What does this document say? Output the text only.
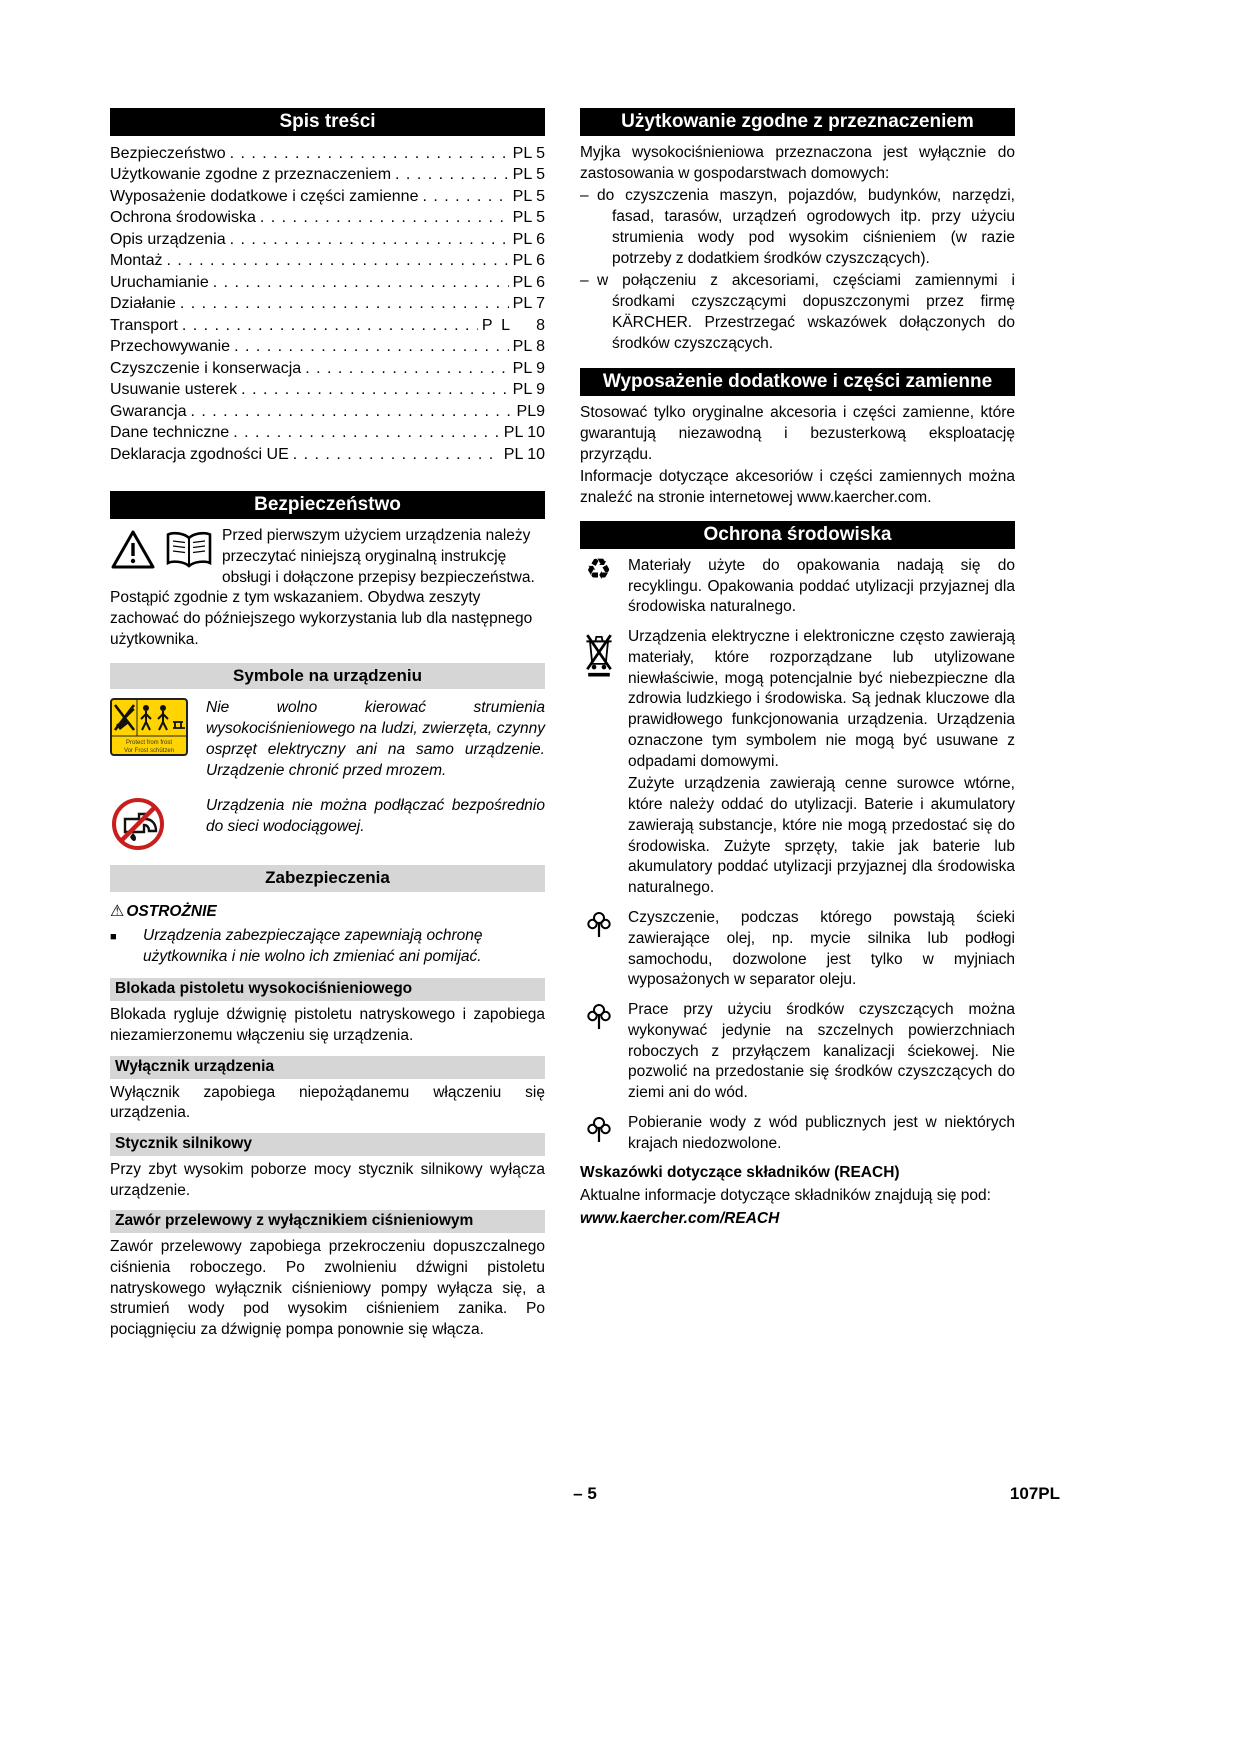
Spis treści
Bezpieczeństwo . . .	PL 5
Użytkowanie zgodne z przeznaczeniem . . .	PL 5
Wyposażenie dodatkowe i części zamienne . . .	PL 5
Ochrona środowiska . . .	PL 5
Opis urządzenia . . .	PL 6
Montaż . . .	PL 6
Uruchamianie . . .	PL 6
Działanie . . .	PL 7
Transport . . .	P  L      8
Przechowywanie . . .	PL 8
Czyszczenie i konserwacja . . .	PL 9
Usuwanie usterek . . .	PL 9
Gwarancja . . .	PL9
Dane techniczne . . .	PL 10
Deklaracja zgodności UE . . .	PL 10
Bezpieczeństwo
Przed pierwszym użyciem urządzenia należy przeczytać niniejszą oryginalną instrukcję obsługi i dołączone przepisy bezpieczeństwa. Postąpić zgodnie z tym wskazaniem. Obydwa zeszyty zachować do późniejszego wykorzystania lub dla następnego użytkownika.
Symbole na urządzeniu
Protect from frost
Vor Frost schützen

Nie wolno kierować strumienia wysokociśnieniowego na ludzi, zwierzęta, czynny osprzęt elektryczny ani na samo urządzenie. Urządzenie chronić przed mrozem.

Urządzenia nie można podłączać bezpośrednio do sieci wodociągowej.

Zabezpieczenia

⚠ OSTROŻNIE

■	Urządzenia zabezpieczające zapewniają ochronę użytkownika i nie wolno ich zmieniać ani pomijać.

Blokada pistoletu wysokociśnieniowego

Blokada rygluje dźwignię pistoletu natryskowego i zapobiega niezamierzonemu włączeniu się urządzenia.

Wyłącznik urządzenia

Wyłącznik zapobiega niepożądanemu włączeniu się urządzenia.

Stycznik silnikowy

Przy zbyt wysokim poborze mocy stycznik silnikowy wyłącza urządzenie.

Zawór przelewowy z wyłącznikiem ciśnieniowym

Zawór przelewowy zapobiega przekroczeniu dopuszczalnego ciśnienia roboczego. Po zwolnieniu dźwigni pistoletu natryskowego wyłącznik ciśnieniowy pompy wyłącza się, a strumień wody pod wysokim ciśnieniem zanika. Po pociągnięciu za dźwignię pompa ponownie się włącza.

Użytkowanie zgodne z przeznaczeniem

Myjka wysokociśnieniowa przeznaczona jest wyłącznie do zastosowania w gospodarstwach domowych:

– do czyszczenia maszyn, pojazdów, budynków, narzędzi, fasad, tarasów, urządzeń ogrodowych itp. przy użyciu strumienia wody pod wysokim ciśnieniem (w razie potrzeby z dodatkiem środków czyszczących).

– w połączeniu z akcesoriami, częściami zamiennymi i środkami czyszczącymi dopuszczonymi przez firmę KÄRCHER. Przestrzegać wskazówek dołączonych do środków czyszczących.

Wyposażenie dodatkowe i części zamienne

Stosować tylko oryginalne akcesoria i części zamienne, które gwarantują niezawodną i bezusterkową eksploatację przyrządu.

Informacje dotyczące akcesoriów i części zamiennych można znaleźć na stronie internetowej www.kaercher.com.

Ochrona środowiska
♻	Materiały użyte do opakowania nadają się do recyklingu. Opakowania poddać utylizacji przyjaznej dla środowiska naturalnego.

Urządzenia elektryczne i elektroniczne często zawierają materiały, które rozporządzane lub utylizowane niewłaściwie, mogą potencjalnie być niebezpieczne dla zdrowia ludzkiego i środowiska. Są jednak kluczowe dla prawidłowego funkcjonowania urządzenia. Urządzenia oznaczone tym symbolem nie mogą być usuwane z odpadami domowymi.

Zużyte urządzenia zawierają cenne surowce wtórne, które należy oddać do utylizacji. Baterie i akumulatory zawierają substancje, które nie mogą przedostać się do środowiska. Zużyte sprzęty, takie jak baterie lub akumulatory poddać utylizacji przyjaznej dla środowiska naturalnego.

Czyszczenie, podczas którego powstają ścieki zawierające olej, np. mycie silnika lub podłogi samochodu, dozwolone jest tylko w myjniach wyposażonych w separator oleju.

Prace przy użyciu środków czyszczących można wykonywać jedynie na szczelnych powierzchniach roboczych z przyłączem kanalizacji ściekowej. Nie pozwolić na przedostanie się środków czyszczących do ziemi ani do wód.

Pobieranie wody z wód publicznych jest w niektórych krajach niedozwolone.

Wskazówki dotyczące składników (REACH)

Aktualne informacje dotyczące składników znajdują się pod:

www.kaercher.com/REACH

– 5	107PL
